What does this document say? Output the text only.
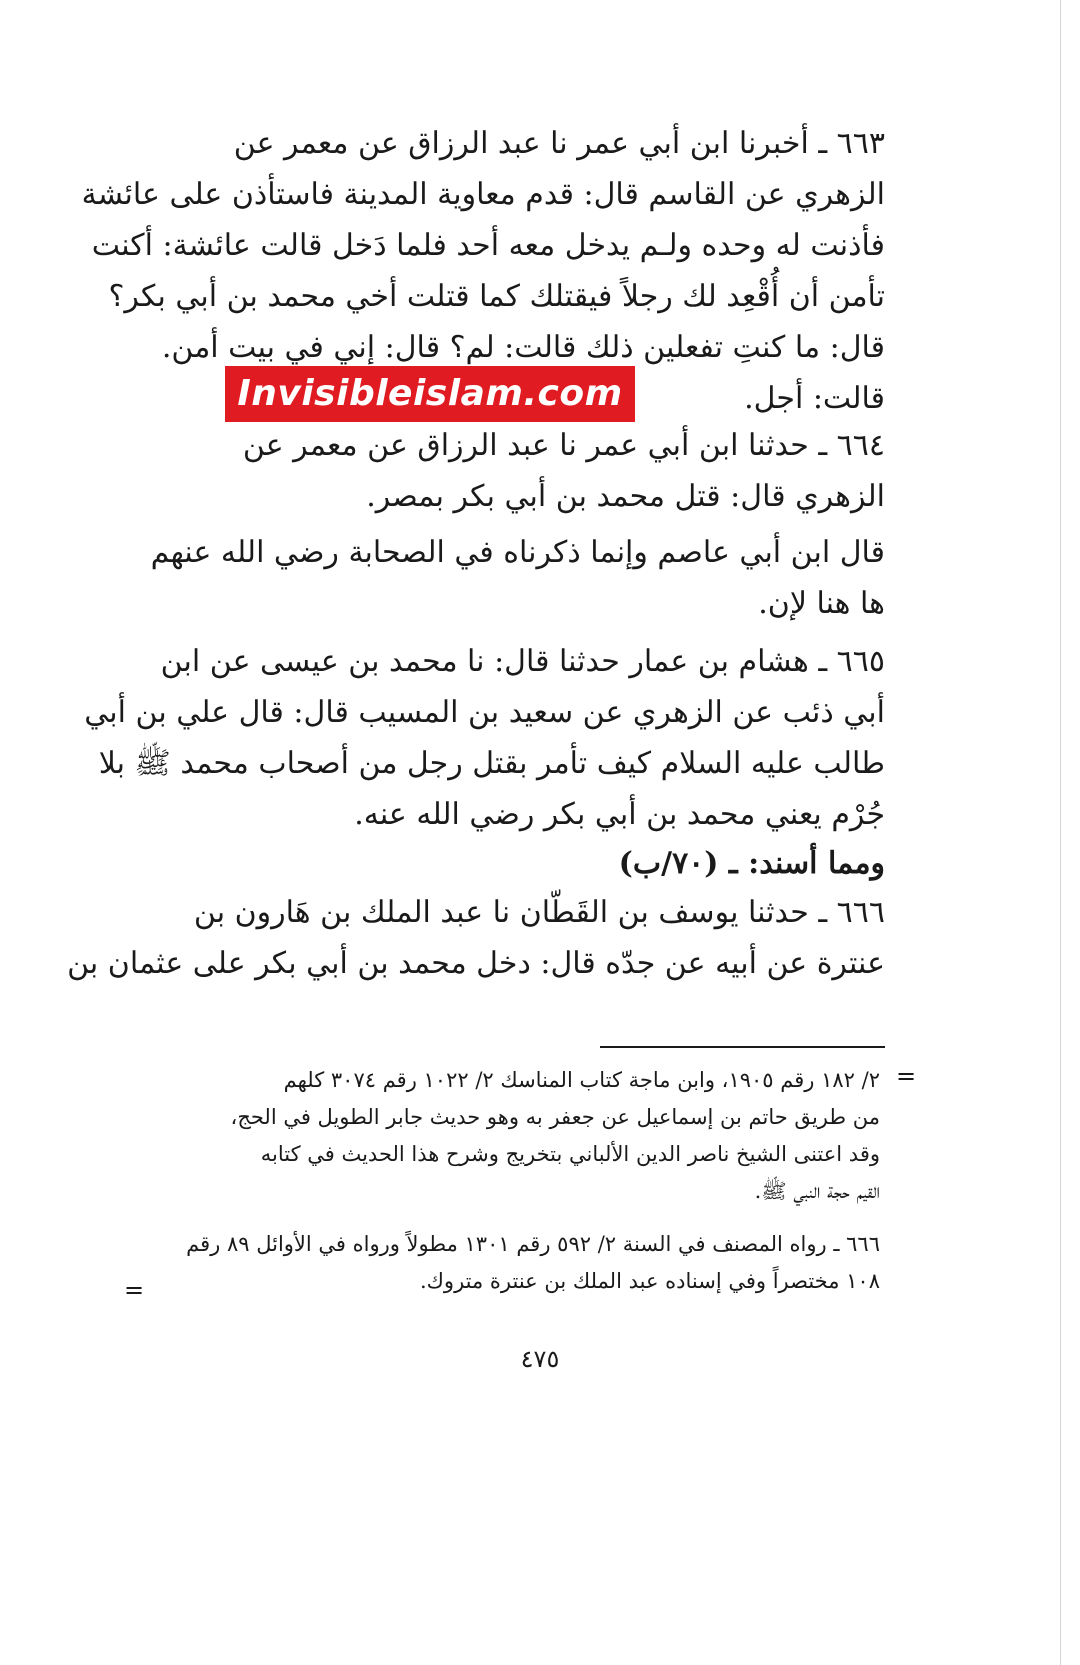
٦٦٣ ـ أخبرنا ابن أبي عمر نا عبد الرزاق عن معمر عن
الزهري عن القاسم قال: قدم معاوية المدينة فاستأذن على عائشة
فأذنت له وحده ولـم يدخل معه أحد فلما دَخل قالت عائشة: أكنت
تأمن أن أُقْعِد لك رجلاً فيقتلك كما قتلت أخي محمد بن أبي بكر؟
قال: ما كنتِ تفعلين ذلك قالت: لم؟ قال: إني في بيت أمن.
قالت: أجل.
Invisibleislam.com
٦٦٤ ـ حدثنا ابن أبي عمر نا عبد الرزاق عن معمر عن
الزهري قال: قتل محمد بن أبي بكر بمصر.
قال ابن أبي عاصم وإنما ذكرناه في الصحابة رضي الله عنهم
ها هنا لإن.
٦٦٥ ـ هشام بن عمار حدثنا قال: نا محمد بن عيسى عن ابن
أبي ذئب عن الزهري عن سعيد بن المسيب قال: قال علي بن أبي
طالب عليه السلام كيف تأمر بقتل رجل من أصحاب محمد ﷺ بلا
جُرْم يعني محمد بن أبي بكر رضي الله عنه.
ومما أسند: ـ (٧٠/ب)
٦٦٦ ـ حدثنا يوسف بن القَطّان نا عبد الملك بن هَارون بن
عنترة عن أبيه عن جدّه قال: دخل محمد بن أبي بكر على عثمان بن
=
=
٢/ ١٨٢ رقم ١٩٠٥، وابن ماجة كتاب المناسك ٢/ ١٠٢٢ رقم ٣٠٧٤ كلهم
من طريق حاتم بن إسماعيل عن جعفر به وهو حديث جابر الطويل في الحج،
وقد اعتنى الشيخ ناصر الدين الألباني بتخريج وشرح هذا الحديث في كتابه
القيم حجة النبي ﷺ.
٦٦٦ ـ رواه المصنف في السنة ٢/ ٥٩٢ رقم ١٣٠١ مطولاً ورواه في الأوائل ٨٩ رقم
١٠٨ مختصراً وفي إسناده عبد الملك بن عنترة متروك.
٤٧٥
